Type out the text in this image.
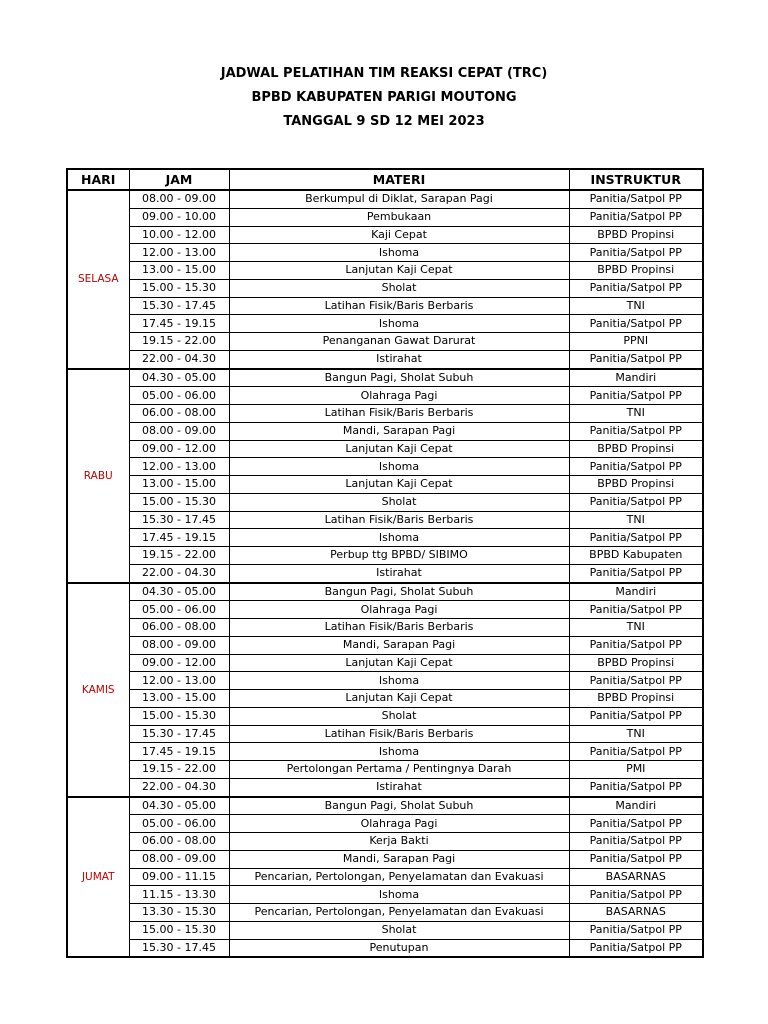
JADWAL PELATIHAN TIM REAKSI CEPAT (TRC)
BPBD KABUPATEN PARIGI MOUTONG
TANGGAL 9 SD 12 MEI 2023
HARI	JAM	MATERI	INSTRUKTUR
SELASA	08.00 - 09.00	Berkumpul di Diklat, Sarapan Pagi	Panitia/Satpol PP
	09.00 - 10.00	Pembukaan	Panitia/Satpol PP
	10.00 - 12.00	Kaji Cepat	BPBD Propinsi
	12.00 - 13.00	Ishoma	Panitia/Satpol PP
	13.00 - 15.00	Lanjutan Kaji Cepat	BPBD Propinsi
	15.00 - 15.30	Sholat	Panitia/Satpol PP
	15.30 - 17.45	Latihan Fisik/Baris Berbaris	TNI
	17.45 - 19.15	Ishoma	Panitia/Satpol PP
	19.15 - 22.00	Penanganan Gawat Darurat	PPNI
	22.00 - 04.30	Istirahat	Panitia/Satpol PP
RABU	04.30 - 05.00	Bangun Pagi, Sholat Subuh	Mandiri
	05.00 - 06.00	Olahraga Pagi	Panitia/Satpol PP
	06.00 - 08.00	Latihan Fisik/Baris Berbaris	TNI
	08.00 - 09.00	Mandi, Sarapan Pagi	Panitia/Satpol PP
	09.00 - 12.00	Lanjutan Kaji Cepat	BPBD Propinsi
	12.00 - 13.00	Ishoma	Panitia/Satpol PP
	13.00 - 15.00	Lanjutan Kaji Cepat	BPBD Propinsi
	15.00 - 15.30	Sholat	Panitia/Satpol PP
	15.30 - 17.45	Latihan Fisik/Baris Berbaris	TNI
	17.45 - 19.15	Ishoma	Panitia/Satpol PP
	19.15 - 22.00	Perbup ttg BPBD/ SIBIMO	BPBD Kabupaten
	22.00 - 04.30	Istirahat	Panitia/Satpol PP
KAMIS	04.30 - 05.00	Bangun Pagi, Sholat Subuh	Mandiri
	05.00 - 06.00	Olahraga Pagi	Panitia/Satpol PP
	06.00 - 08.00	Latihan Fisik/Baris Berbaris	TNI
	08.00 - 09.00	Mandi, Sarapan Pagi	Panitia/Satpol PP
	09.00 - 12.00	Lanjutan Kaji Cepat	BPBD Propinsi
	12.00 - 13.00	Ishoma	Panitia/Satpol PP
	13.00 - 15.00	Lanjutan Kaji Cepat	BPBD Propinsi
	15.00 - 15.30	Sholat	Panitia/Satpol PP
	15.30 - 17.45	Latihan Fisik/Baris Berbaris	TNI
	17.45 - 19.15	Ishoma	Panitia/Satpol PP
	19.15 - 22.00	Pertolongan Pertama / Pentingnya Darah	PMI
	22.00 - 04.30	Istirahat	Panitia/Satpol PP
JUMAT	04.30 - 05.00	Bangun Pagi, Sholat Subuh	Mandiri
	05.00 - 06.00	Olahraga Pagi	Panitia/Satpol PP
	06.00 - 08.00	Kerja Bakti	Panitia/Satpol PP
	08.00 - 09.00	Mandi, Sarapan Pagi	Panitia/Satpol PP
	09.00 - 11.15	Pencarian, Pertolongan, Penyelamatan dan Evakuasi	BASARNAS
	11.15 - 13.30	Ishoma	Panitia/Satpol PP
	13.30 - 15.30	Pencarian, Pertolongan, Penyelamatan dan Evakuasi	BASARNAS
	15.00 - 15.30	Sholat	Panitia/Satpol PP
	15.30 - 17.45	Penutupan	Panitia/Satpol PP
